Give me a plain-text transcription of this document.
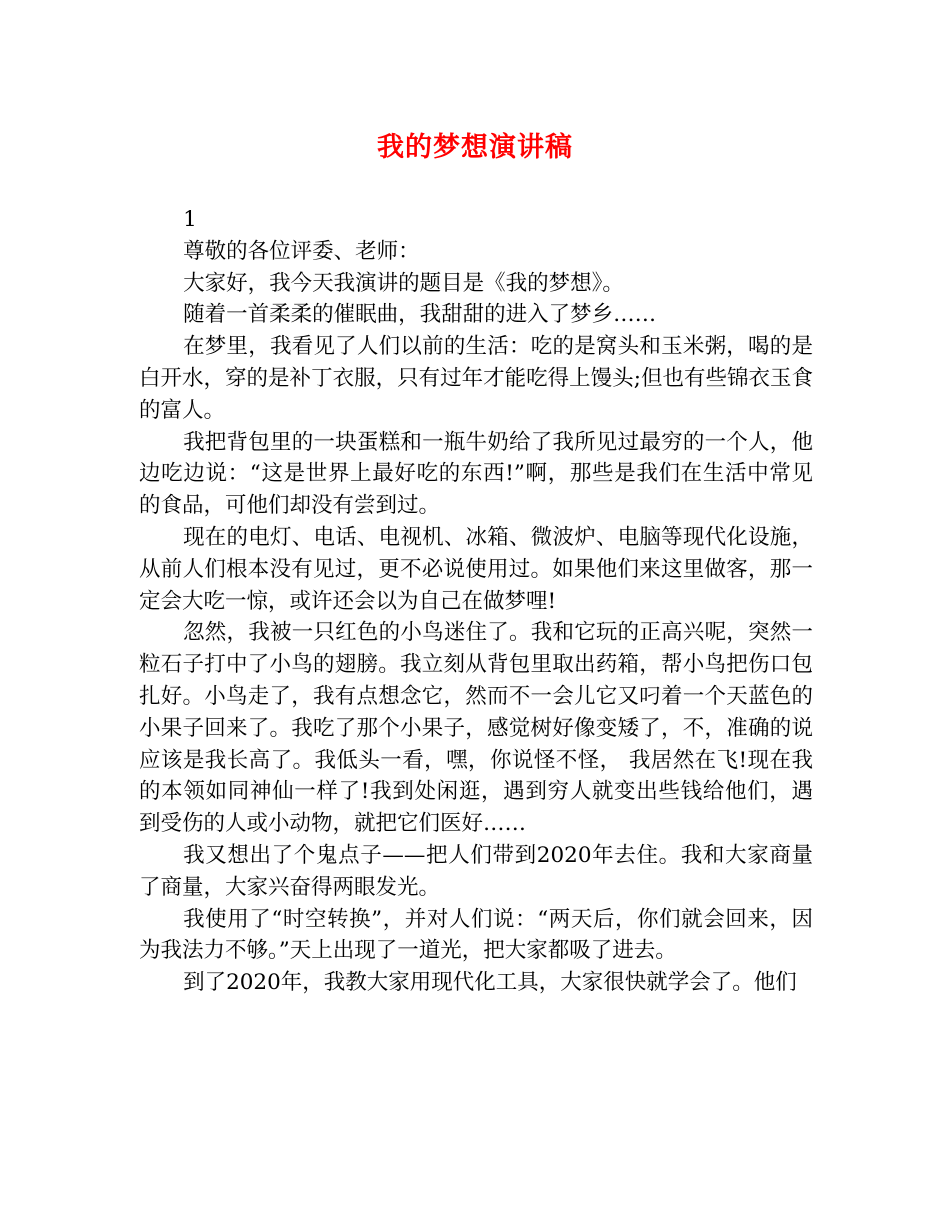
我的梦想演讲稿

1

尊敬的各位评委、老师：

大家好，我今天我演讲的题目是《我的梦想》。

随着一首柔柔的催眠曲，我甜甜的进入了梦乡……

在梦里，我看见了人们以前的生活：吃的是窝头和玉米粥，喝的是白开水，穿的是补丁衣服，只有过年才能吃得上馒头;但也有些锦衣玉食的富人。

我把背包里的一块蛋糕和一瓶牛奶给了我所见过最穷的一个人，他边吃边说：“这是世界上最好吃的东西!”啊，那些是我们在生活中常见的食品，可他们却没有尝到过。

现在的电灯、电话、电视机、冰箱、微波炉、电脑等现代化设施，从前人们根本没有见过，更不必说使用过。如果他们来这里做客，那一定会大吃一惊，或许还会以为自己在做梦哩!

忽然，我被一只红色的小鸟迷住了。我和它玩的正高兴呢，突然一粒石子打中了小鸟的翅膀。我立刻从背包里取出药箱，帮小鸟把伤口包扎好。小鸟走了，我有点想念它，然而不一会儿它又叼着一个天蓝色的小果子回来了。我吃了那个小果子，感觉树好像变矮了，不，准确的说应该是我长高了。我低头一看，嘿，你说怪不怪， 我居然在飞!现在我的本领如同神仙一样了!我到处闲逛，遇到穷人就变出些钱给他们，遇到受伤的人或小动物，就把它们医好……

我又想出了个鬼点子——把人们带到2020年去住。我和大家商量了商量，大家兴奋得两眼发光。

我使用了“时空转换”，并对人们说：“两天后，你们就会回来，因为我法力不够。”天上出现了一道光，把大家都吸了进去。

到了2020年，我教大家用现代化工具，大家很快就学会了。他们
